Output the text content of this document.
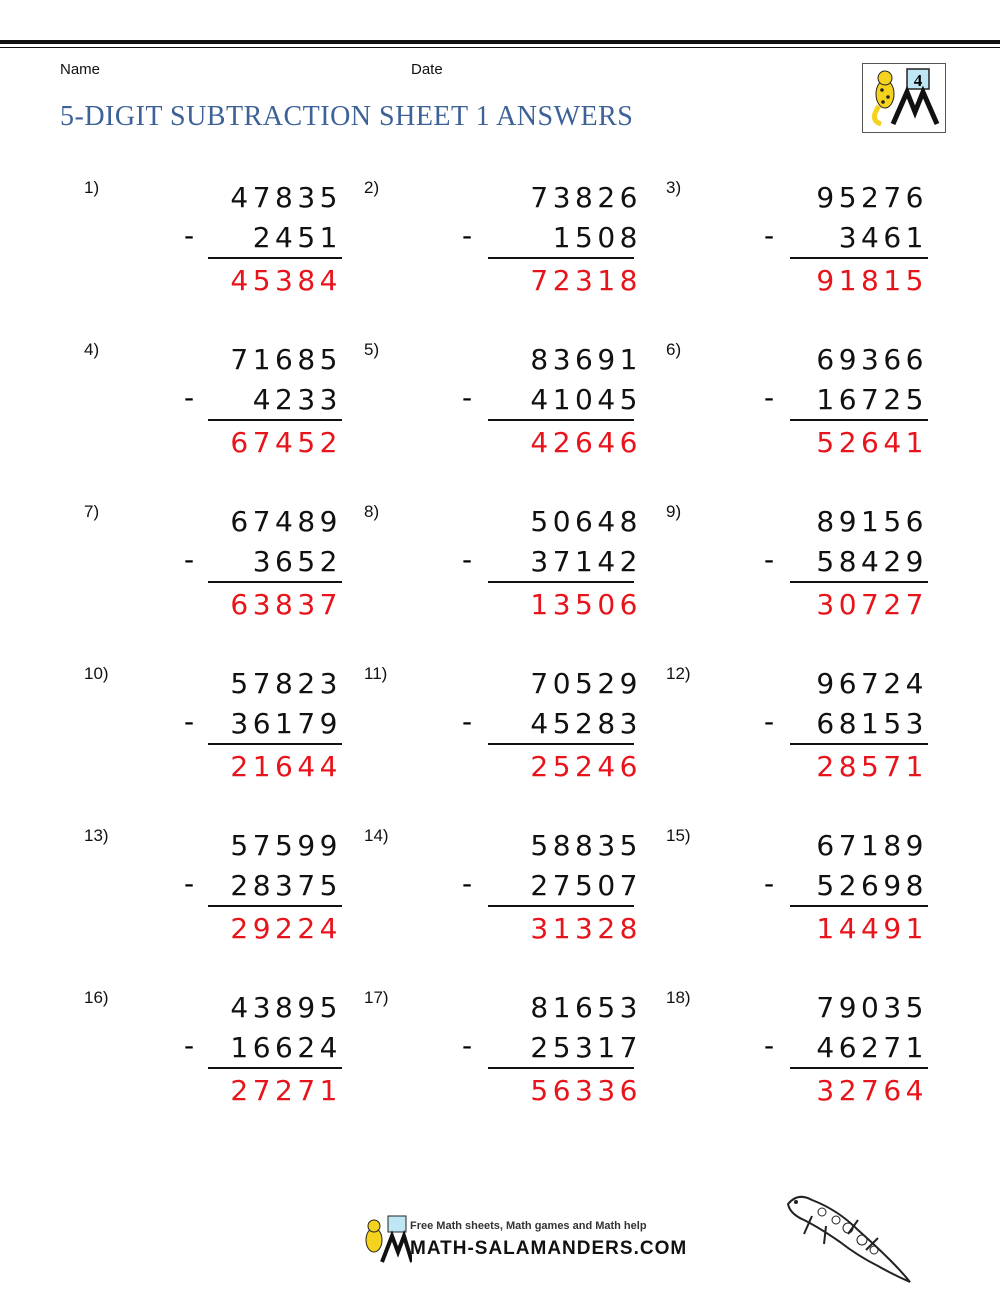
Name	Date
5-DIGIT SUBTRACTION SHEET 1 ANSWERS
4
1)	47835
- 2451
45384
2)	73826
-	1508
72318
3)	95276
- 3461
91815
4)	71685
- 4233
67452
5)	83691
- 41045
42646
6)	69366
- 16725
52641
7)	67489
- 3652
63837
8)	50648
- 37142
13506
9)	89156
- 58429
30727
10)	57823
- 36179
21644
11)	70529
- 45283
25246
12)	96724
- 68153
28571
13)	57599
- 28375
29224
14)	58835
- 27507
31328
15)	67189
- 52698
14491
16)	43895
- 16624
27271
17)	81653
- 25317
56336
18)	79035
- 46271
32764
Free Math sheets, Math games and Math help
MATH-SALAMANDERS.COM
